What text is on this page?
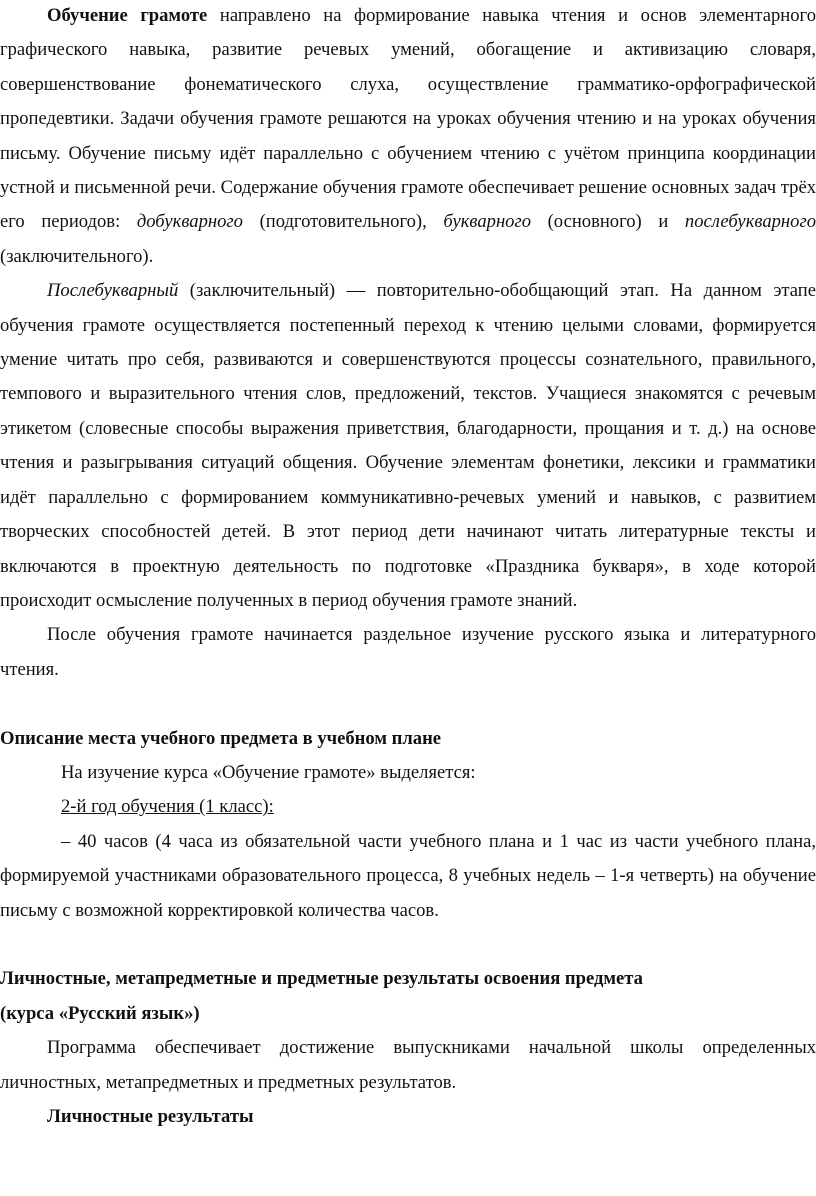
Обучение грамоте направлено на формирование навыка чтения и основ элементарного графического навыка, развитие речевых умений, обогащение и активизацию словаря, совершенствование фонематического слуха, осуществление грамматико-орфографической пропедевтики. Задачи обучения грамоте решаются на уроках обучения чтению и на уроках обучения письму. Обучение письму идёт параллельно с обучением чтению с учётом принципа координации устной и письменной речи. Содержание обучения грамоте обеспечивает решение основных задач трёх его периодов: добукварного (подготовительного), букварного (основного) и послебукварного (заключительного).

Послебукварный (заключительный) — повторительно-обобщающий этап. На данном этапе обучения грамоте осуществляется постепенный переход к чтению целыми словами, формируется умение читать про себя, развиваются и совершенствуются процессы сознательного, правильного, темпового и выразительного чтения слов, предложений, текстов. Учащиеся знакомятся с речевым этикетом (словесные способы выражения приветствия, благодарности, прощания и т. д.) на основе чтения и разыгрывания ситуаций общения. Обучение элементам фонетики, лексики и грамматики идёт параллельно с формированием коммуникативно-речевых умений и навыков, с развитием творческих способностей детей. В этот период дети начинают читать литературные тексты и включаются в проектную деятельность по подготовке «Праздника букваря», в ходе которой происходит осмысление полученных в период обучения грамоте знаний.

После обучения грамоте начинается раздельное изучение русского языка и литературного чтения.

Описание места учебного предмета в учебном плане

На изучение курса «Обучение грамоте» выделяется:

2-й год обучения (1 класс):

– 40 часов (4 часа из обязательной части учебного плана и 1 час из части учебного плана, формируемой участниками образовательного процесса, 8 учебных недель – 1-я четверть) на обучение письму с возможной корректировкой количества часов.

Личностные, метапредметные и предметные результаты освоения предмета

(курса «Русский язык»)

Программа обеспечивает достижение выпускниками начальной школы определенных личностных, метапредметных и предметных результатов.

Личностные результаты
